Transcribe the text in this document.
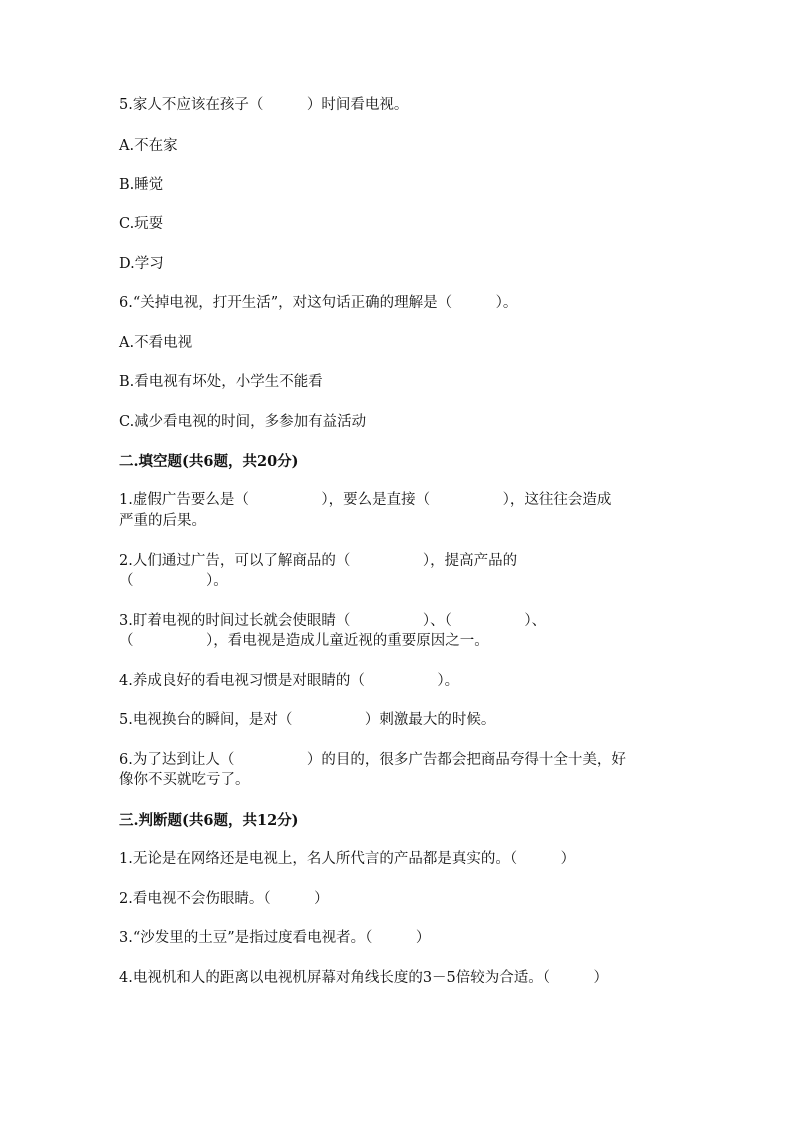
5.家人不应该在孩子（　　　）时间看电视。
A.不在家
B.睡觉
C.玩耍
D.学习
6.“关掉电视，打开生活”，对这句话正确的理解是（　　　）。
A.不看电视
B.看电视有坏处，小学生不能看
C.减少看电视的时间，多参加有益活动
二.填空题(共6题，共20分)
1.虚假广告要么是（　　　　　），要么是直接（　　　　　），这往往会造成
严重的后果。
2.人们通过广告，可以了解商品的（　　　　　），提高产品的
（　　　　　）。
3.盯着电视的时间过长就会使眼睛（　　　　　）、（　　　　　）、
（　　　　　），看电视是造成儿童近视的重要原因之一。
4.养成良好的看电视习惯是对眼睛的（　　　　　）。
5.电视换台的瞬间，是对（　　　　　）刺激最大的时候。
6.为了达到让人（　　　　　）的目的，很多广告都会把商品夸得十全十美，好
像你不买就吃亏了。
三.判断题(共6题，共12分)
1.无论是在网络还是电视上，名人所代言的产品都是真实的。（　　　）
2.看电视不会伤眼睛。（　　　）
3.“沙发里的土豆”是指过度看电视者。（　　　）
4.电视机和人的距离以电视机屏幕对角线长度的3－5倍较为合适。（　　　）
